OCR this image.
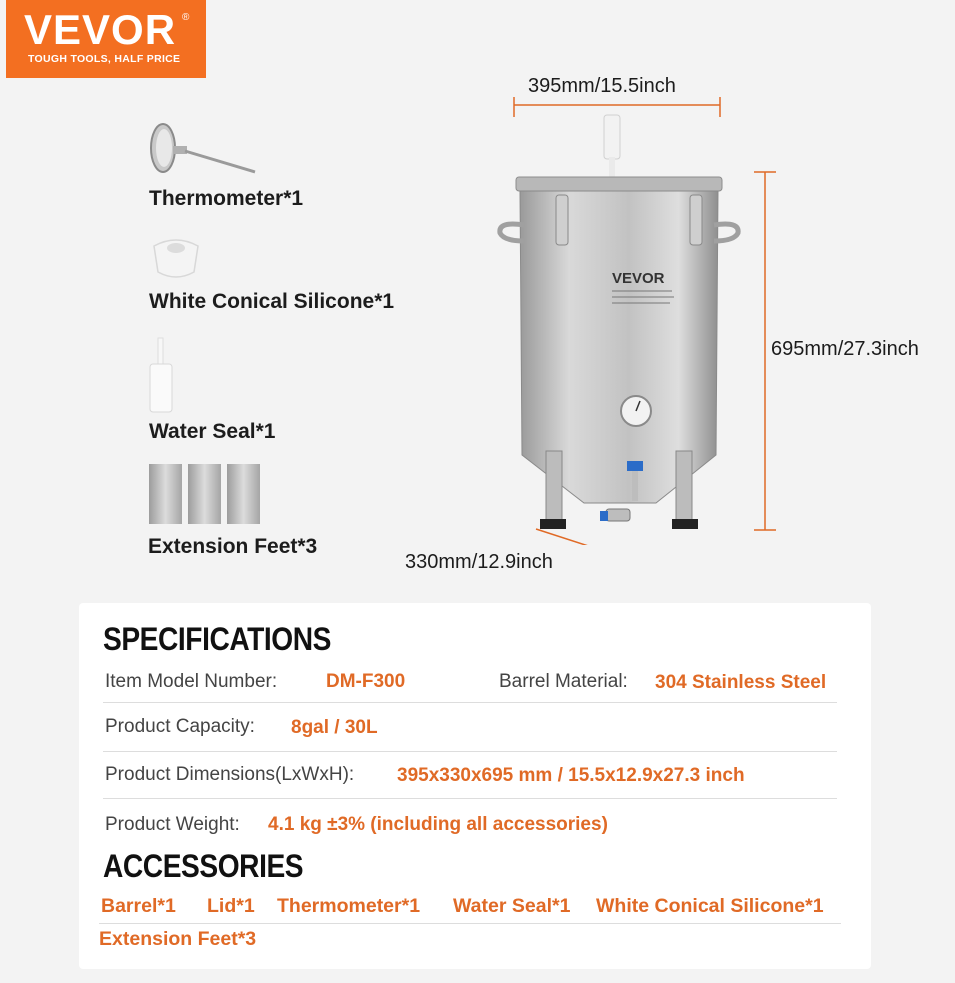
VEVOR ®
TOUGH TOOLS, HALF PRICE
Thermometer*1
White Conical Silicone*1
Water Seal*1
Extension Feet*3
VEVOR
395mm/15.5inch
695mm/27.3inch
330mm/12.9inch
SPECIFICATIONS
Item Model Number:	DM-F300	Barrel Material: 304 Stainless Steel
Product Capacity: 8gal / 30L
Product Dimensions(LxWxH): 395x330x695 mm / 15.5x12.9x27.3 inch
Product Weight: 4.1 kg ±3% (including all accessories)
ACCESSORIES
Barrel*1 Lid*1 Thermometer*1 Water Seal*1 White Conical Silicone*1
Extension Feet*3
